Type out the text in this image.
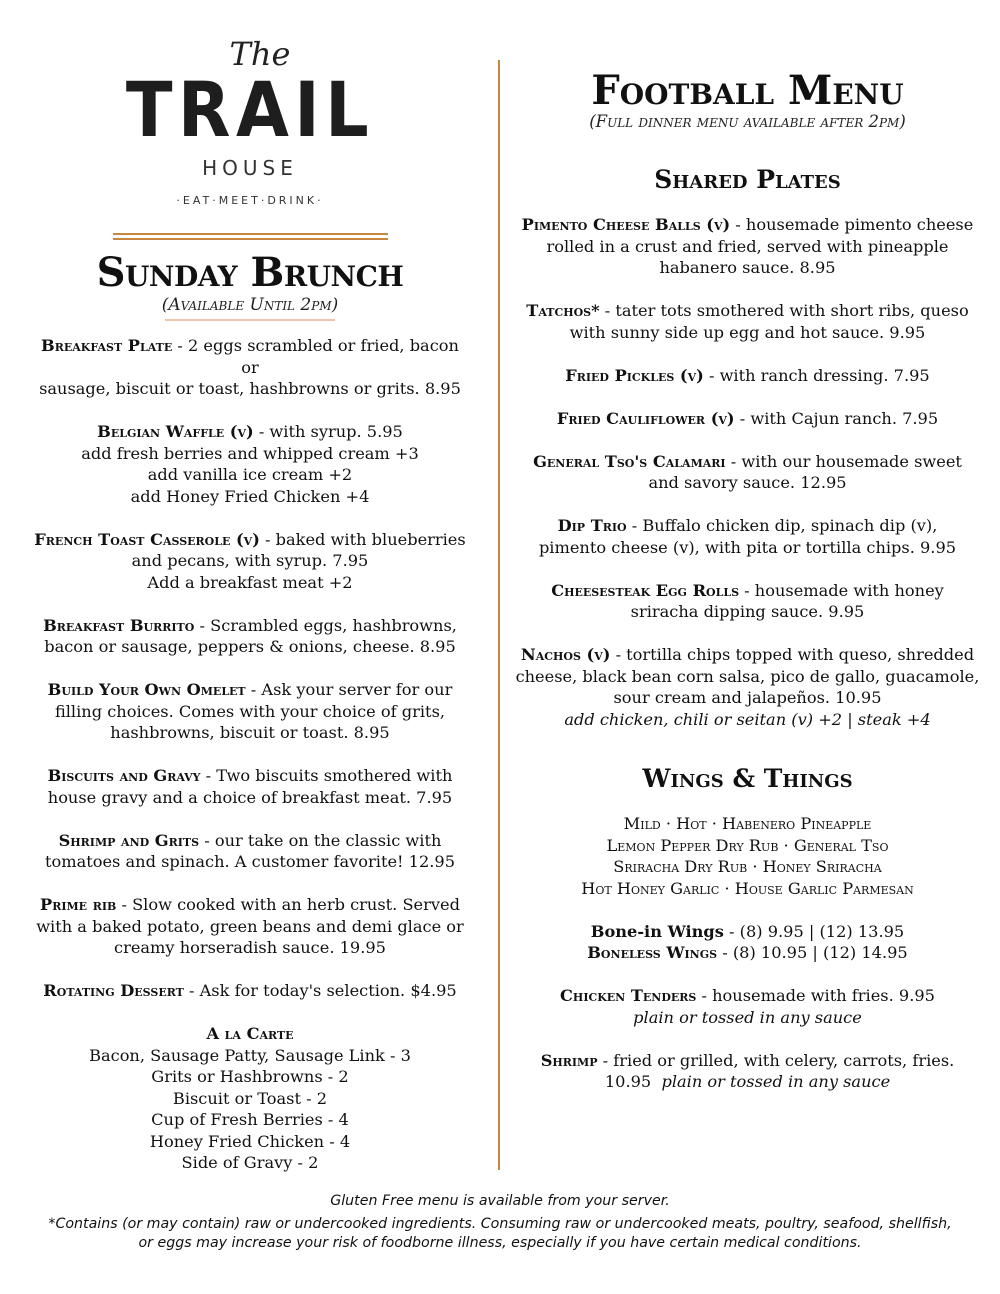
The
TRAIL
HOUSE
·EAT·MEET·DRINK·
Sunday Brunch
(Available Until 2pm)
Breakfast Plate - 2 eggs scrambled or fried, bacon or
sausage, biscuit or toast, hashbrowns or grits. 8.95
Belgian Waffle (v) - with syrup. 5.95
add fresh berries and whipped cream +3
add vanilla ice cream +2
add Honey Fried Chicken +4
French Toast Casserole (v) - baked with blueberries
and pecans, with syrup. 7.95
Add a breakfast meat +2
Breakfast Burrito - Scrambled eggs, hashbrowns,
bacon or sausage, peppers & onions, cheese. 8.95
Build Your Own Omelet - Ask your server for our
filling choices. Comes with your choice of grits,
hashbrowns, biscuit or toast. 8.95
Biscuits and Gravy - Two biscuits smothered with
house gravy and a choice of breakfast meat. 7.95
Shrimp and Grits - our take on the classic with
tomatoes and spinach. A customer favorite! 12.95
Prime rib - Slow cooked with an herb crust. Served
with a baked potato, green beans and demi glace or
creamy horseradish sauce. 19.95
Rotating Dessert - Ask for today's selection. $4.95
A la Carte
Bacon, Sausage Patty, Sausage Link - 3
Grits or Hashbrowns - 2
Biscuit or Toast - 2
Cup of Fresh Berries - 4
Honey Fried Chicken - 4
Side of Gravy - 2
Football Menu
(Full dinner menu available after 2pm)
Shared Plates
Pimento Cheese Balls (v) - housemade pimento cheese
rolled in a crust and fried, served with pineapple
habanero sauce. 8.95
Tatchos* - tater tots smothered with short ribs, queso
with sunny side up egg and hot sauce. 9.95
Fried Pickles (v) - with ranch dressing. 7.95
Fried Cauliflower (v) - with Cajun ranch. 7.95
General Tso's Calamari - with our housemade sweet
and savory sauce. 12.95
Dip Trio - Buffalo chicken dip, spinach dip (v),
pimento cheese (v), with pita or tortilla chips. 9.95
Cheesesteak Egg Rolls - housemade with honey
sriracha dipping sauce. 9.95
Nachos (v) - tortilla chips topped with queso, shredded
cheese, black bean corn salsa, pico de gallo, guacamole,
sour cream and jalapeños. 10.95
add chicken, chili or seitan (v) +2 | steak +4
Wings & Things
Mild · Hot · Habenero Pineapple
Lemon Pepper Dry Rub · General Tso
Sriracha Dry Rub · Honey Sriracha
Hot Honey Garlic · House Garlic Parmesan
Bone-in Wings - (8) 9.95 | (12) 13.95
Boneless Wings - (8) 10.95 | (12) 14.95
Chicken Tenders - housemade with fries. 9.95
plain or tossed in any sauce
Shrimp - fried or grilled, with celery, carrots, fries.
10.95 plain or tossed in any sauce
Gluten Free menu is available from your server.
*Contains (or may contain) raw or undercooked ingredients. Consuming raw or undercooked meats, poultry, seafood, shellfish,
or eggs may increase your risk of foodborne illness, especially if you have certain medical conditions.
